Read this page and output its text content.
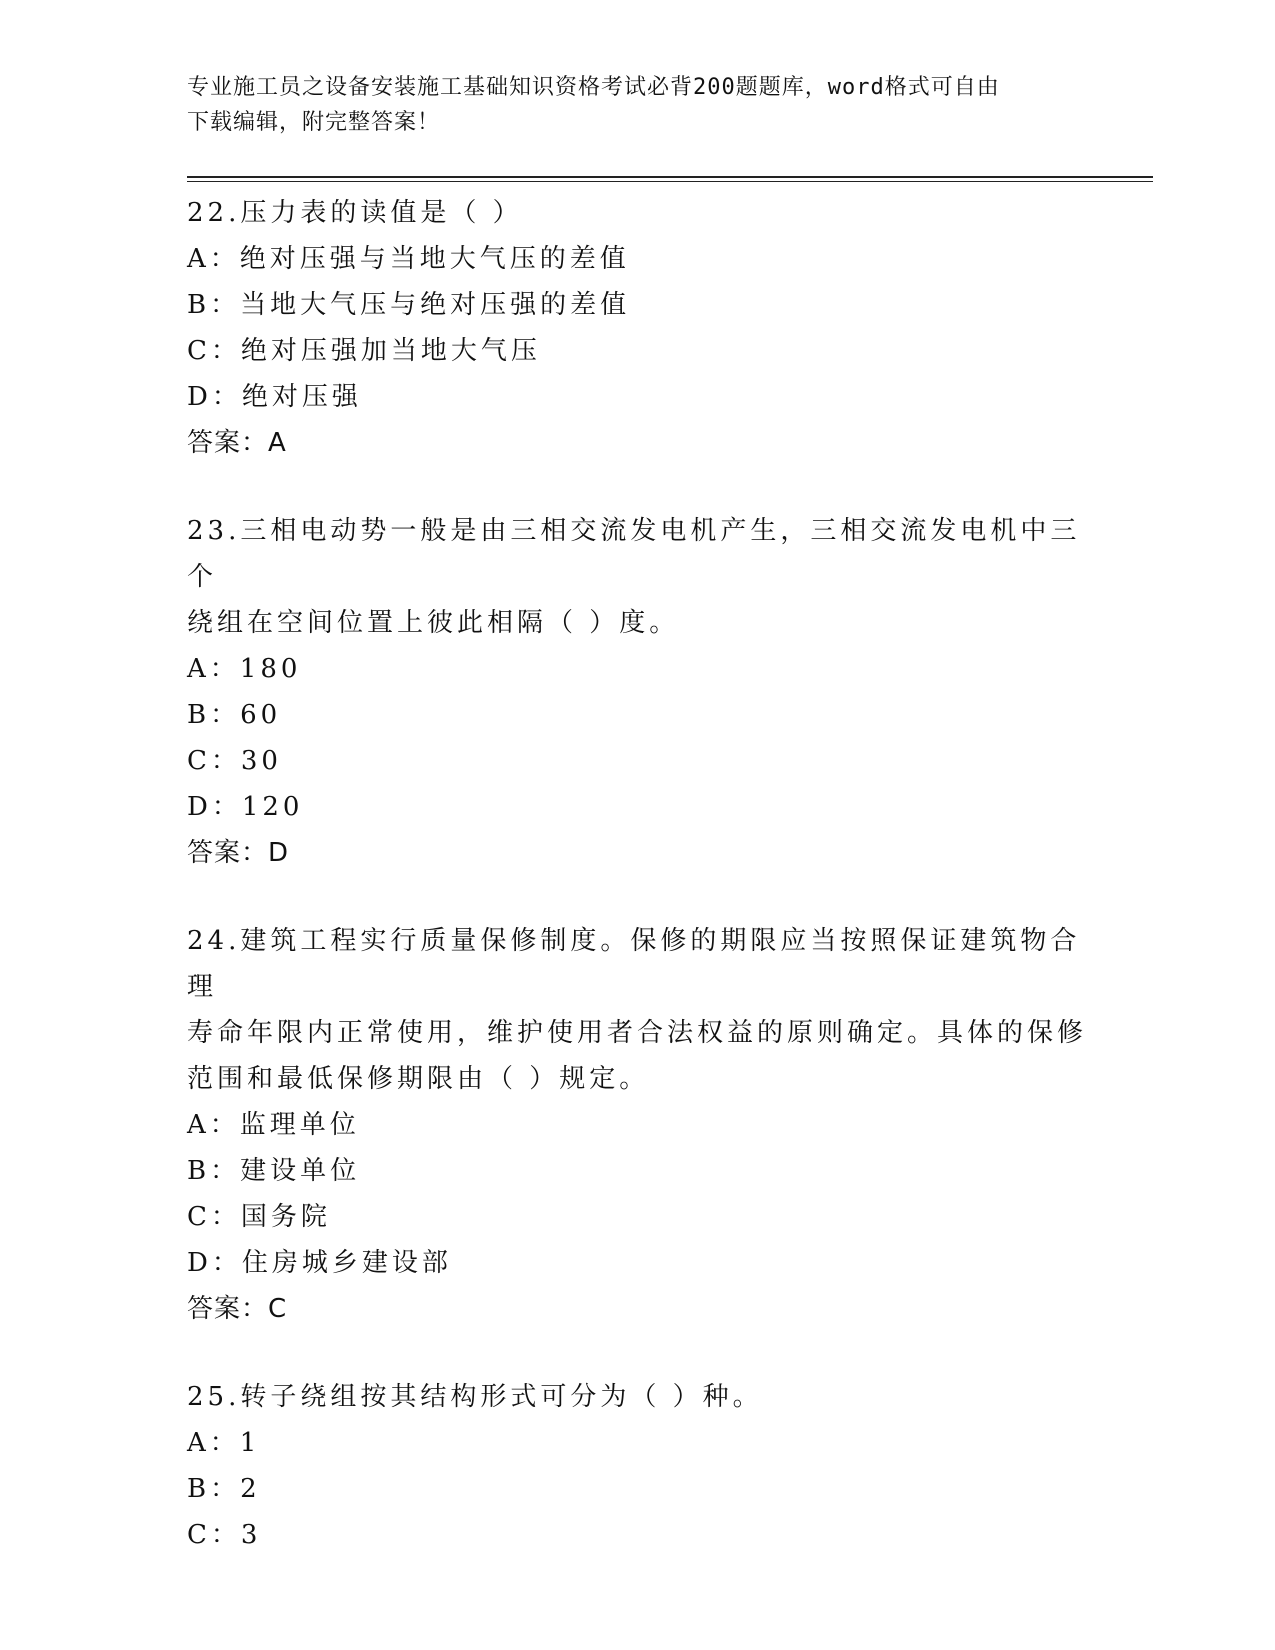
专业施工员之设备安装施工基础知识资格考试必背200题题库，word格式可自由

下载编辑，附完整答案！

22.压力表的读值是（ ）

A：绝对压强与当地大气压的差值

B：当地大气压与绝对压强的差值

C：绝对压强加当地大气压

D：绝对压强

答案：A

23.三相电动势一般是由三相交流发电机产生，三相交流发电机中三个

绕组在空间位置上彼此相隔（ ）度。

A：180

B：60

C：30

D：120

答案：D

24.建筑工程实行质量保修制度。保修的期限应当按照保证建筑物合理

寿命年限内正常使用，维护使用者合法权益的原则确定。具体的保修

范围和最低保修期限由（ ）规定。

A：监理单位

B：建设单位

C：国务院

D：住房城乡建设部

答案：C

25.转子绕组按其结构形式可分为（ ）种。

A：1

B：2

C：3
